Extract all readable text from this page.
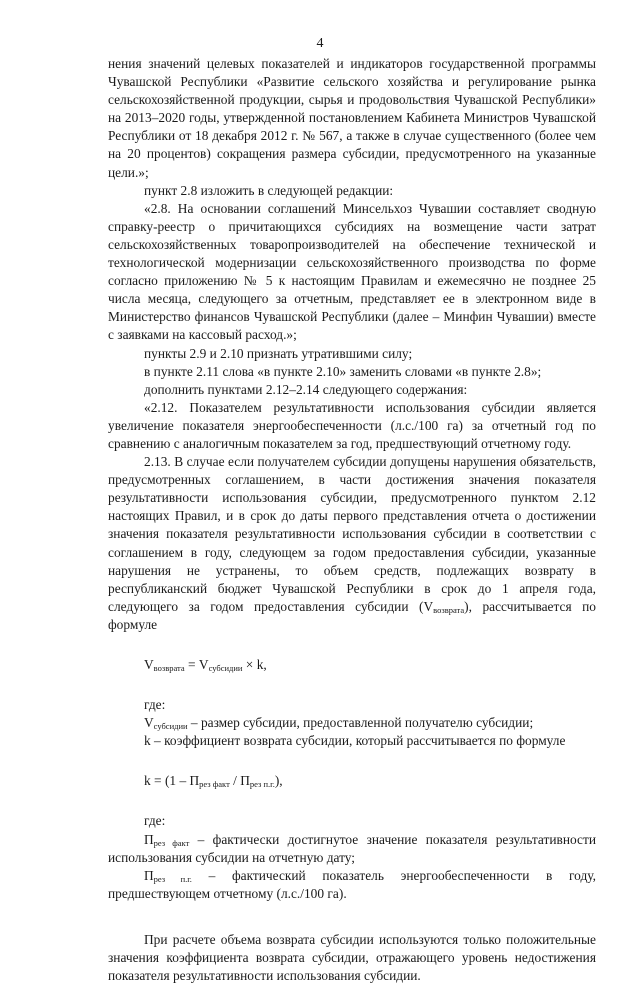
4

нения значений целевых показателей и индикаторов государственной программы Чувашской Республики «Развитие сельского хозяйства и регулирование рынка сельскохозяйственной продукции, сырья и продовольствия Чувашской Республики» на 2013–2020 годы, утвержденной постановлением Кабинета Министров Чувашской Республики от 18 декабря 2012 г. № 567, а также в случае существенного (более чем на 20 процентов) сокращения размера субсидии, предусмотренного на указанные цели.»;

пункт 2.8 изложить в следующей редакции:

«2.8. На основании соглашений Минсельхоз Чувашии составляет сводную справку-реестр о причитающихся субсидиях на возмещение части затрат сельскохозяйственных товаропроизводителей на обеспечение технической и технологической модернизации сельскохозяйственного производства по форме согласно приложению № 5 к настоящим Правилам и ежемесячно не позднее 25 числа месяца, следующего за отчетным, представляет ее в электронном виде в Министерство финансов Чувашской Республики (далее – Минфин Чувашии) вместе с заявками на кассовый расход.»;

пункты 2.9 и 2.10 признать утратившими силу;

в пункте 2.11 слова «в пункте 2.10» заменить словами «в пункте 2.8»;

дополнить пунктами 2.12–2.14 следующего содержания:

«2.12. Показателем результативности использования субсидии является увеличение показателя энергообеспеченности (л.с./100 га) за отчетный год по сравнению с аналогичным показателем за год, предшествующий отчетному году.

2.13. В случае если получателем субсидии допущены нарушения обязательств, предусмотренных соглашением, в части достижения значения показателя результативности использования субсидии, предусмотренного пунктом 2.12 настоящих Правил, и в срок до даты первого представления отчета о достижении значения показателя результативности использования субсидии в соответствии с соглашением в году, следующем за годом предоставления субсидии, указанные нарушения не устранены, то объем средств, подлежащих возврату в республиканский бюджет Чувашской Республики в срок до 1 апреля года, следующего за годом предоставления субсидии $(V_{возврата})$, рассчитывается по формуле

$V_{возврата} = V_{субсидии} \times k$,

где:

$V_{субсидии}$ – размер субсидии, предоставленной получателю субсидии;

k – коэффициент возврата субсидии, который рассчитывается по формуле

$k = (1 - П_{рез факт} / П_{рез п.г.})$,

где:

$П_{рез факт}$ – фактически достигнутое значение показателя результативности использования субсидии на отчетную дату;

$П_{рез п.г.}$ – фактический показатель энергообеспеченности в году, предшествующем отчетному (л.с./100 га).

При расчете объема возврата субсидии используются только положительные значения коэффициента возврата субсидии, отражающего уровень недостижения показателя результативности использования субсидии.
